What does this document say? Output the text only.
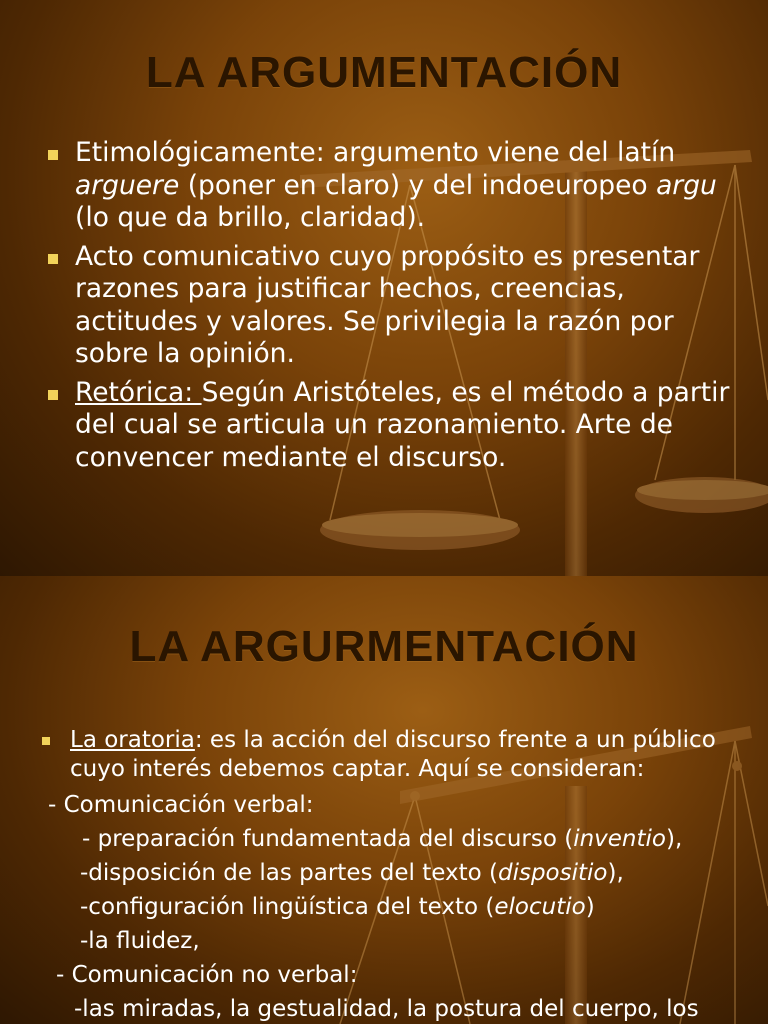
LA ARGUMENTACIÓN
Etimológicamente: argumento viene del latín arguere (poner en claro) y del indoeuropeo argu (lo que da brillo, claridad).
Acto comunicativo cuyo propósito es presentar razones para justificar hechos, creencias, actitudes y valores. Se privilegia la razón por sobre la opinión.
Retórica: Según Aristóteles, es el método a partir del cual se articula un razonamiento. Arte de convencer mediante el discurso.
LA ARGURMENTACIÓN
La oratoria: es la acción del discurso frente a un público cuyo interés debemos captar. Aquí se consideran:
- Comunicación verbal:
- preparación fundamentada del discurso (inventio),
-disposición de las partes del texto (dispositio),
-configuración lingüística del texto (elocutio)
-la fluidez,
- Comunicación no verbal:
-las miradas, la gestualidad, la postura del cuerpo, los
